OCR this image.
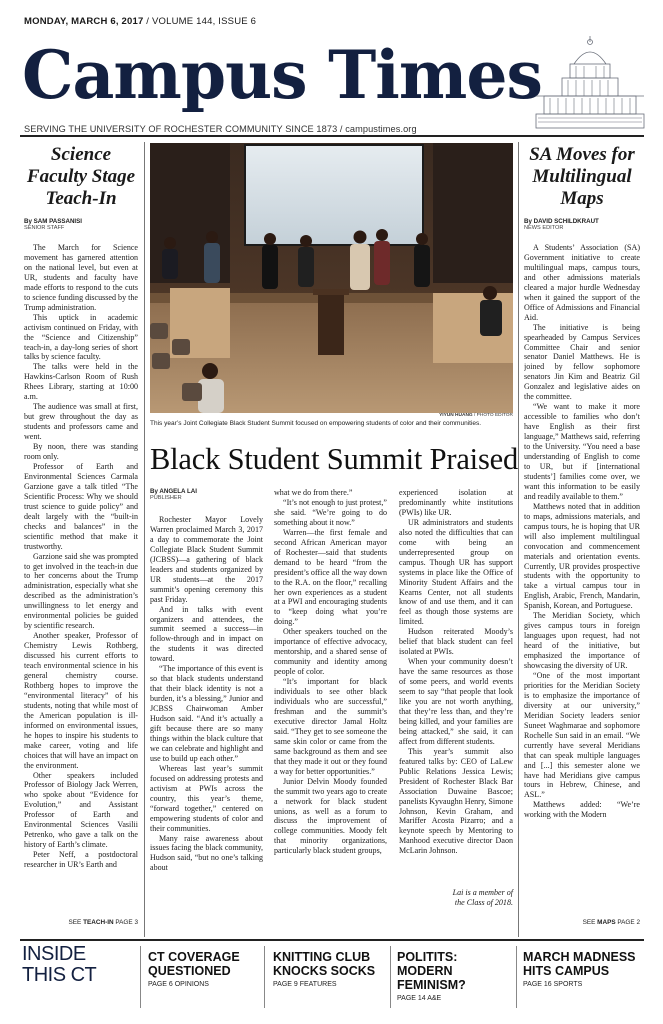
MONDAY, MARCH 6, 2017 / VOLUME 144, ISSUE 6
Campus Times
SERVING THE UNIVERSITY OF ROCHESTER COMMUNITY SINCE 1873 / campustimes.org
Science Faculty Stage Teach-In
By SAM PASSANISI
SENIOR STAFF

The March for Science movement has garnered attention on the national level, but even at UR, students and faculty have made efforts to respond to the cuts to science funding discussed by the Trump administration.

This uptick in academic activism continued on Friday, with the “Science and Citizenship” teach-in, a day-long series of short talks by science faculty.

The talks were held in the Hawkins-Carlson Room of Rush Rhees Library, starting at 10:00 a.m.

The audience was small at first, but grew throughout the day as students and professors came and went.

By noon, there was standing room only.

Professor of Earth and Environmental Sciences Carmala Garzione gave a talk titled “The Scientific Process: Why we should trust science to guide policy” and dealt largely with the “built-in checks and balances” in the scientific method that make it trustworthy.

Garzione said she was prompted to get involved in the teach-in due to her concerns about the Trump administration, especially what she described as the administration’s unwillingness to let energy and environmental policies be guided by scientific research.

Another speaker, Professor of Chemistry Lewis Rothberg, discussed his current efforts to teach environmental science in his general chemistry course. Rothberg hopes to improve the “environmental literacy” of his students, noting that while most of the American population is ill-informed on environmental issues, he hopes to inspire his students to make career, voting and life choices that will have an impact on the environment.

Other speakers included Professor of Biology Jack Werren, who spoke about “Evidence for Evolution,” and Assistant Professor of Earth and Environmental Sciences Vasilii Petrenko, who gave a talk on the history of Earth’s climate.

Peter Neff, a postdoctoral researcher in UR’s Earth and

SEE TEACH-IN PAGE 3
YIYUN HUANG / PHOTO EDITOR
This year’s Joint Collegiate Black Student Summit focused on empowering students of color and their communities.
Black Student Summit Praised
By ANGELA LAI
PUBLISHER

Rochester Mayor Lovely Warren proclaimed March 3, 2017 a day to commemorate the Joint Collegiate Black Student Summit (JCBSS)—a gathering of black leaders and students organized by UR students—at the 2017 summit’s opening ceremony this past Friday.

And in talks with event organizers and attendees, the summit seemed a success—in follow-through and in impact on the students it was directed toward.

“The importance of this event is so that black students understand that their black identity is not a burden, it’s a blessing,” Junior and JCBSS Chairwoman Amber Hudson said. “And it’s actually a gift because there are so many things within the black culture that we can celebrate and highlight and use to build up each other.”

Whereas last year’s summit focused on addressing protests and activism at PWIs across the country, this year’s theme, “forward together,” centered on empowering students of color and their communities.

Many raise awareness about issues facing the black community, Hudson said, “but no one’s talking about

what we do from there.”

“It’s not enough to just protest,” she said. “We’re going to do something about it now.”

Warren—the first female and second African American mayor of Rochester—said that students demand to be heard “from the president’s office all the way down to the R.A. on the floor,” recalling her own experiences as a student at a PWI and encouraging students to “keep doing what you’re doing.”

Other speakers touched on the importance of effective advocacy, mentorship, and a shared sense of community and identity among people of color.

“It’s important for black individuals to see other black individuals who are successful,” freshman and the summit’s executive director Jamal Holtz said. “They get to see someone the same skin color or came from the same background as them and see that they made it out or they found a way for better opportunities.”

Junior Delvin Moody founded the summit two years ago to create a network for black student unions, as well as a forum to discuss the improvement of college communities. Moody felt that minority organizations, particularly black student groups,

experienced isolation at predominantly white institutions (PWIs) like UR.

UR administrators and students also noted the difficulties that can come with being an underrepresented group on campus. Though UR has support systems in place like the Office of Minority Student Affairs and the Kearns Center, not all students know of and use them, and it can feel as though those systems are limited.

Hudson reiterated Moody’s belief that black student can feel isolated at PWIs.

When your community doesn’t have the same resources as those of some peers, and world events seem to say “that people that look like you are not worth anything, that they’re less than, and they’re being killed, and your families are being attacked,” she said, it can affect from different students.

This year’s summit also featured talks by: CEO of LaLew Public Relations Jessica Lewis; President of Rochester Black Bar Association Duwaine Bascoe; panelists Kyvaughn Henry, Simone Johnson, Kevin Graham, and Mariffer Acosta Pizarro; and a keynote speech by Mentoring to Manhood executive director Daon McLarin Johnson.

Lai is a member of

the Class of 2018.

SA Moves for Multilingual Maps
By DAVID SCHILDKRAUT
NEWS EDITOR

A Students’ Association (SA) Government initiative to create multilingual maps, campus tours, and other admissions materials cleared a major hurdle Wednesday when it gained the support of the Office of Admissions and Financial Aid.

The initiative is being spearheaded by Campus Services Committee Chair and senior senator Daniel Matthews. He is joined by fellow sophomore senators Jin Kim and Beatriz Gil Gonzalez and legislative aides on the committee.

“We want to make it more accessible to families who don’t have English as their first language,” Matthews said, referring to the University. “You need a base understanding of English to come to UR, but if [international students’] families come over, we want this information to be easily and readily available to them.”

Matthews noted that in addition to maps, admissions materials, and campus tours, he is hoping that UR will also implement multilingual convocation and commencement materials and orientation events. Currently, UR provides prospective students with the opportunity to take a virtual campus tour in English, Arabic, French, Mandarin, Spanish, Korean, and Portuguese.

The Meridian Society, which gives campus tours in foreign languages upon request, had not heard of the initiative, but emphasized the importance of showcasing the diversity of UR.

“One of the most important priorities for the Meridian Society is to emphasize the importance of diversity at our university,” Meridian Society leaders senior Suneet Waghmarae and sophomore Rochelle Sun said in an email. “We currently have several Meridians that can speak multiple languages and [...] this semester alone we have had Meridians give campus tours in Hebrew, Chinese, and ASL.”

Matthews added: “We’re working with the Modern

SEE MAPS PAGE 2
INSIDE
THIS CT
CT COVERAGE
QUESTIONED
PAGE 6 OPINIONS
KNITTING CLUB
KNOCKS SOCKS
PAGE 9 FEATURES
POLITITS: MODERN
FEMINISM?
PAGE 14 A&E
MARCH MADNESS
HITS CAMPUS
PAGE 16 SPORTS
